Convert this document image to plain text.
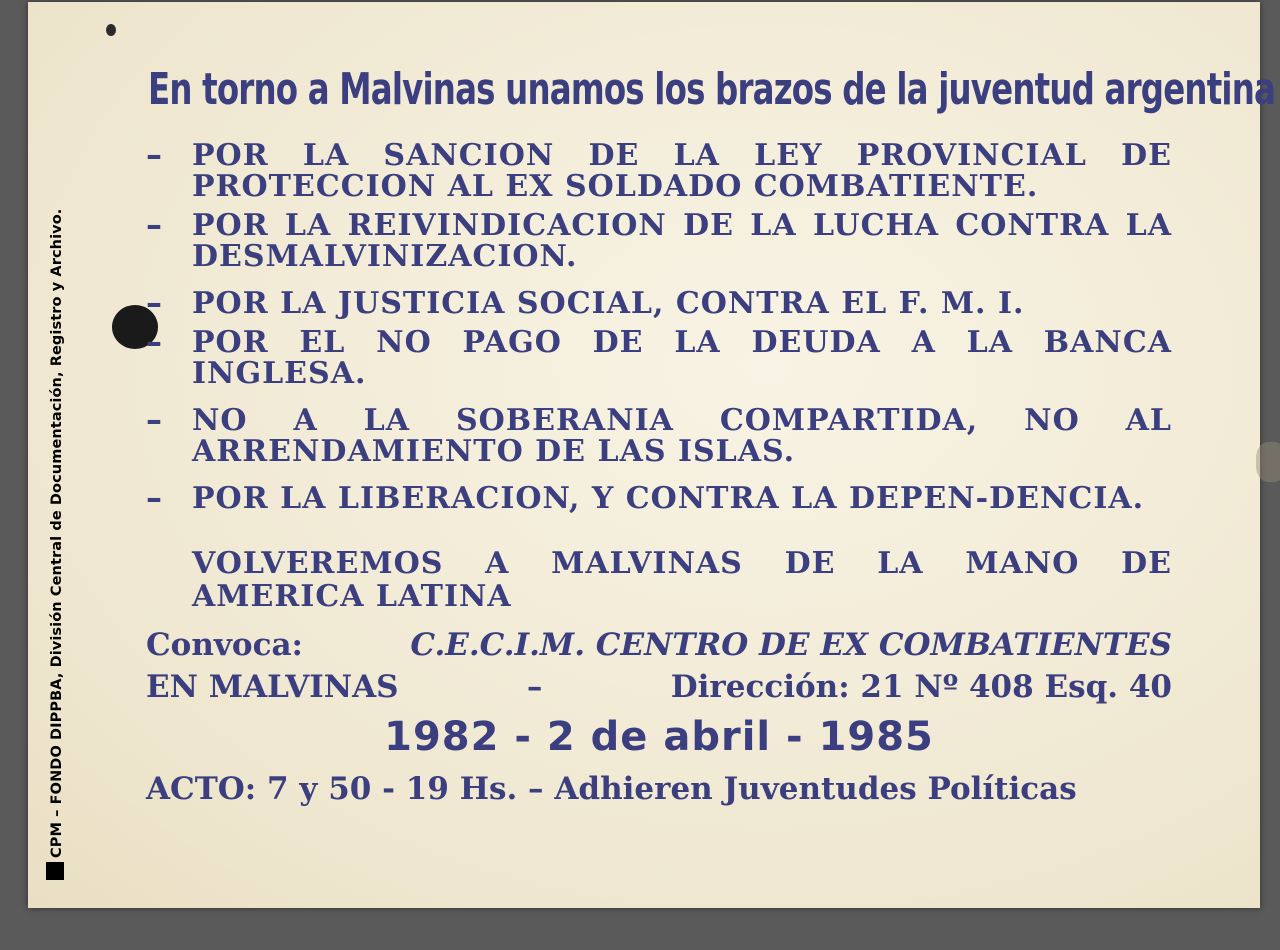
CPM – FONDO DIPPBA, División Central de Documentación, Registro y Archivo.
En torno a Malvinas unamos los brazos de la juventud argentina
–	POR LA SANCION DE LA LEY PROVINCIAL DE PROTECCION AL EX SOLDADO COMBATIENTE.
–	POR LA REIVINDICACION DE LA LUCHA CONTRA LA DESMALVINIZACION.
–	POR LA JUSTICIA SOCIAL, CONTRA EL F. M. I.
–	POR EL NO PAGO DE LA DEUDA A LA BANCA INGLESA.
–	NO A LA SOBERANIA COMPARTIDA, NO AL ARRENDAMIENTO DE LAS ISLAS.
–	POR LA LIBERACION, Y CONTRA LA DEPEN-DENCIA.
VOLVEREMOS A MALVINAS DE LA MANO DE AMERICA LATINA
Convoca:	C.E.C.I.M. CENTRO DE EX COMBATIENTES
EN MALVINAS	–	Dirección: 21 Nº 408 Esq. 40
1982 - 2 de abril - 1985
ACTO: 7 y 50 - 19 Hs. – Adhieren Juventudes Políticas
